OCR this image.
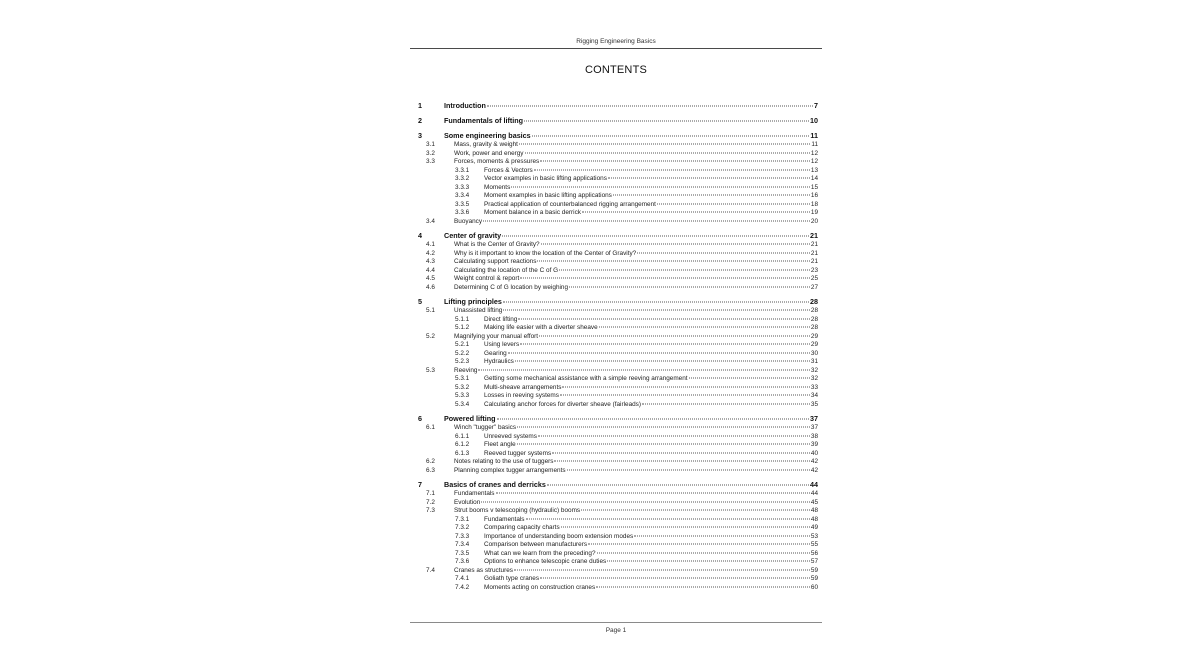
Rigging Engineering Basics
CONTENTS
1	Introduction	7
2	Fundamentals of lifting	10
3	Some engineering basics	11
3.1	Mass, gravity & weight	11
3.2	Work, power and energy	12
3.3	Forces, moments & pressures	12
3.3.1 Forces & Vectors	13
3.3.2 Vector examples in basic lifting applications	14
3.3.3 Moments	15
3.3.4 Moment examples in basic lifting applications	16
3.3.5 Practical application of counterbalanced rigging arrangement	18
3.3.6 Moment balance in a basic derrick	19
3.4	Buoyancy	20
4	Center of gravity	21
4.1	What is the Center of Gravity?	21
4.2	Why is it important to know the location of the Center of Gravity?	21
4.3	Calculating support reactions	21
4.4	Calculating the location of the C of G	23
4.5	Weight control & report	25
4.6	Determining C of G location by weighing	27
5	Lifting principles	28
5.1	Unassisted lifting	28
5.1.1 Direct lifting	28
5.1.2 Making life easier with a diverter sheave	28
5.2	Magnifying your manual effort	29
5.2.1 Using levers	29
5.2.2 Gearing	30
5.2.3 Hydraulics	31
5.3	Reeving	32
5.3.1 Getting some mechanical assistance with a simple reeving arrangement	32
5.3.2 Multi-sheave arrangements	33
5.3.3 Losses in reeving systems	34
5.3.4 Calculating anchor forces for diverter sheave (fairleads)	35
6	Powered lifting	37
6.1	Winch "tugger" basics	37
6.1.1 Unreeved systems	38
6.1.2 Fleet angle	39
6.1.3 Reeved tugger systems	40
6.2	Notes relating to the use of tuggers	42
6.3	Planning complex tugger arrangements	42
7	Basics of cranes and derricks	44
7.1	Fundamentals	44
7.2	Evolution	45
7.3	Strut booms v telescoping (hydraulic) booms	48
7.3.1 Fundamentals	48
7.3.2 Comparing capacity charts	49
7.3.3 Importance of understanding boom extension modes	53
7.3.4 Comparison between manufacturers	55
7.3.5 What can we learn from the preceding?	56
7.3.6 Options to enhance telescopic crane duties	57
7.4	Cranes as structures	59
7.4.1 Goliath type cranes	59
7.4.2 Moments acting on construction cranes	60
Page 1
